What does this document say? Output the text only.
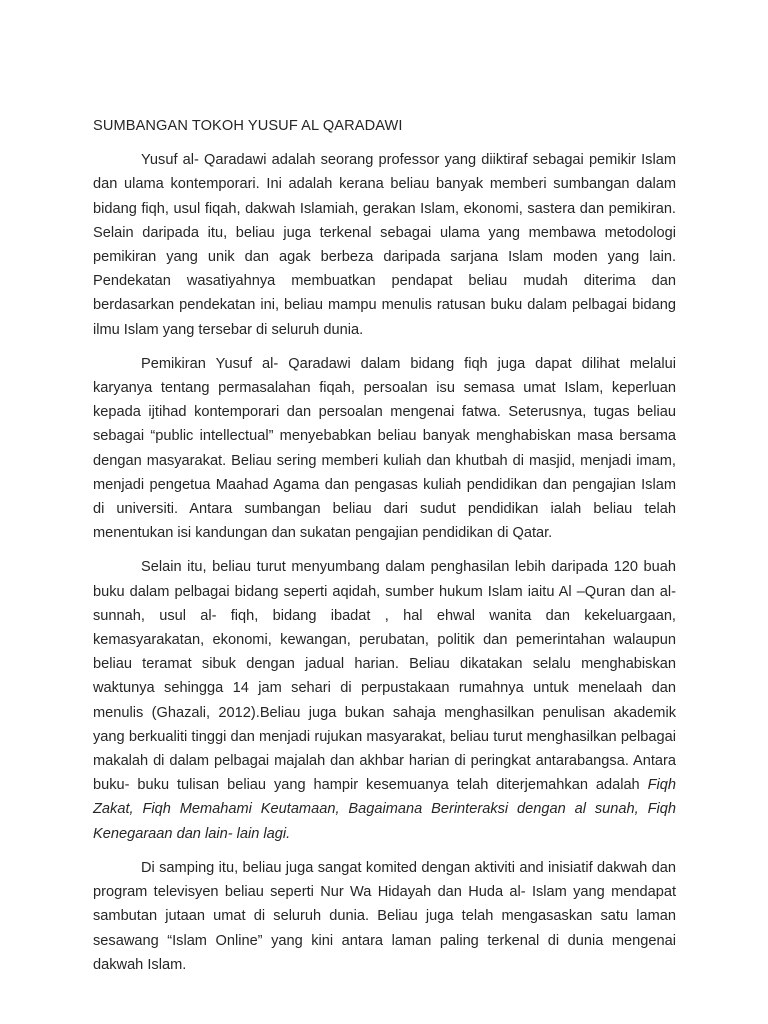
SUMBANGAN TOKOH YUSUF AL QARADAWI

Yusuf al- Qaradawi adalah seorang professor yang diiktiraf sebagai pemikir Islam dan ulama kontemporari. Ini adalah kerana beliau banyak memberi sumbangan dalam bidang fiqh, usul fiqah, dakwah Islamiah, gerakan Islam, ekonomi, sastera dan pemikiran. Selain daripada itu, beliau juga terkenal sebagai ulama yang membawa metodologi pemikiran yang unik dan agak berbeza daripada sarjana Islam moden yang lain. Pendekatan wasatiyahnya membuatkan pendapat beliau mudah diterima dan berdasarkan pendekatan ini, beliau mampu menulis ratusan buku dalam pelbagai bidang ilmu Islam yang tersebar di seluruh dunia.

Pemikiran Yusuf al- Qaradawi dalam bidang fiqh juga dapat dilihat melalui karyanya tentang permasalahan fiqah, persoalan isu semasa umat Islam, keperluan kepada ijtihad kontemporari dan persoalan mengenai fatwa. Seterusnya, tugas beliau sebagai “public intellectual” menyebabkan beliau banyak menghabiskan masa bersama dengan masyarakat. Beliau sering memberi kuliah dan khutbah di masjid, menjadi imam, menjadi pengetua Maahad Agama dan pengasas kuliah pendidikan dan pengajian Islam di universiti. Antara sumbangan beliau dari sudut pendidikan ialah beliau telah menentukan isi kandungan dan sukatan pengajian pendidikan di Qatar.

Selain itu, beliau turut menyumbang dalam penghasilan lebih daripada 120 buah buku dalam pelbagai bidang seperti aqidah, sumber hukum Islam iaitu Al –Quran dan al-sunnah, usul al- fiqh, bidang ibadat , hal ehwal wanita dan kekeluargaan, kemasyarakatan, ekonomi, kewangan, perubatan, politik dan pemerintahan walaupun beliau teramat sibuk dengan jadual harian. Beliau dikatakan selalu menghabiskan waktunya sehingga 14 jam sehari di perpustakaan rumahnya untuk menelaah dan menulis (Ghazali, 2012).Beliau juga bukan sahaja menghasilkan penulisan akademik yang berkualiti tinggi dan menjadi rujukan masyarakat, beliau turut menghasilkan pelbagai makalah di dalam pelbagai majalah dan akhbar harian di peringkat antarabangsa. Antara buku- buku tulisan beliau yang hampir kesemuanya telah diterjemahkan adalah Fiqh Zakat, Fiqh Memahami Keutamaan, Bagaimana Berinteraksi dengan al sunah, Fiqh Kenegaraan dan lain- lain lagi.

Di samping itu, beliau juga sangat komited dengan aktiviti and inisiatif dakwah dan program televisyen beliau seperti Nur Wa Hidayah dan Huda al- Islam yang mendapat sambutan jutaan umat di seluruh dunia. Beliau juga telah mengasaskan satu laman sesawang “Islam Online” yang kini antara laman paling terkenal di dunia mengenai dakwah Islam.
